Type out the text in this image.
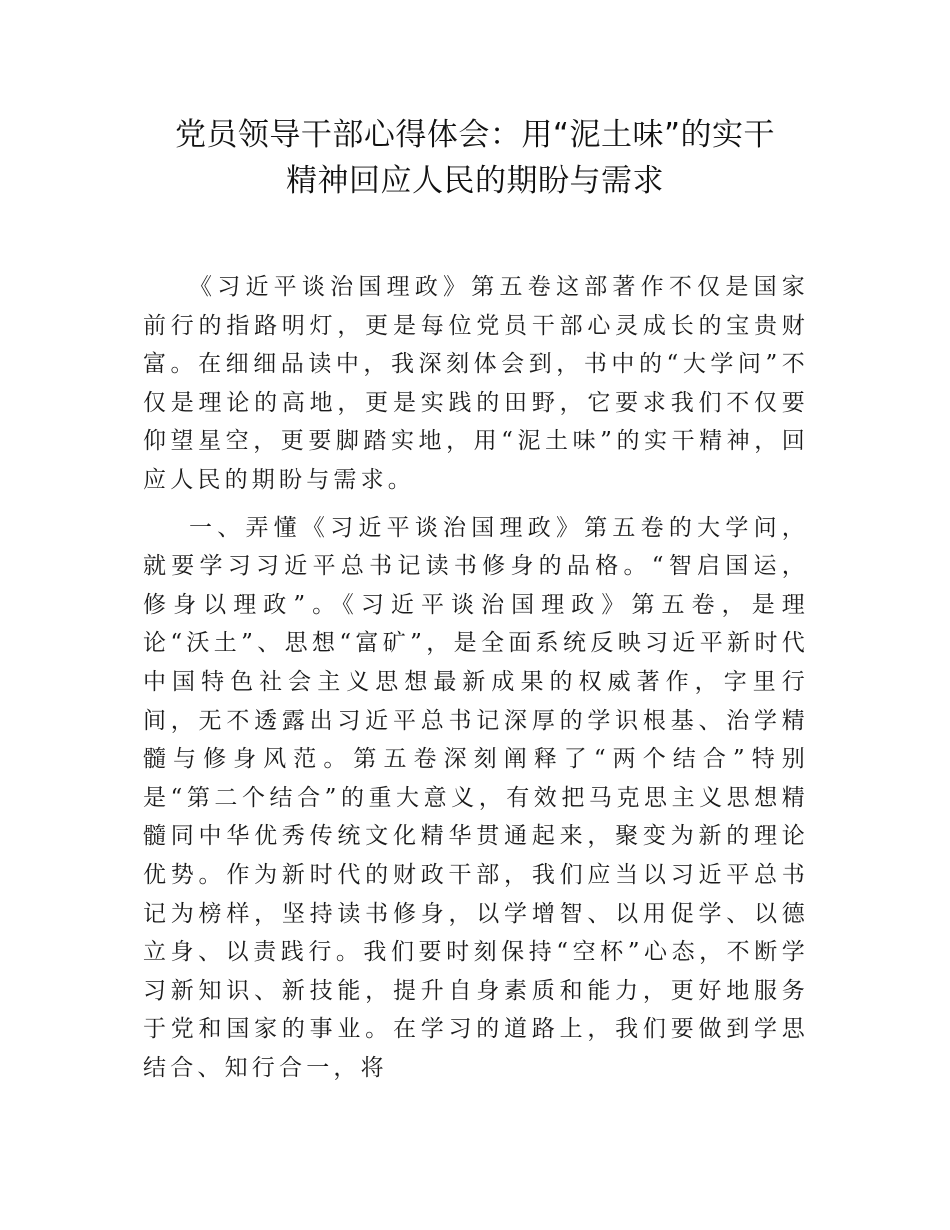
党员领导干部心得体会：用“泥土味”的实干
精神回应人民的期盼与需求

《习近平谈治国理政》第五卷这部著作不仅是国家前行的指路明灯，更是每位党员干部心灵成长的宝贵财富。在细细品读中，我深刻体会到，书中的“大学问”不仅是理论的高地，更是实践的田野，它要求我们不仅要仰望星空，更要脚踏实地，用“泥土味”的实干精神，回应人民的期盼与需求。

一、弄懂《习近平谈治国理政》第五卷的大学问，就要学习习近平总书记读书修身的品格。“智启国运，修身以理政”。《习近平谈治国理政》第五卷，是理论“沃土”、思想“富矿”，是全面系统反映习近平新时代中国特色社会主义思想最新成果的权威著作，字里行间，无不透露出习近平总书记深厚的学识根基、治学精髓与修身风范。第五卷深刻阐释了“两个结合”特别是“第二个结合”的重大意义，有效把马克思主义思想精髓同中华优秀传统文化精华贯通起来，聚变为新的理论优势。作为新时代的财政干部，我们应当以习近平总书记为榜样，坚持读书修身，以学增智、以用促学、以德立身、以责践行。我们要时刻保持“空杯”心态，不断学习新知识、新技能，提升自身素质和能力，更好地服务于党和国家的事业。在学习的道路上，我们要做到学思结合、知行合一，将
